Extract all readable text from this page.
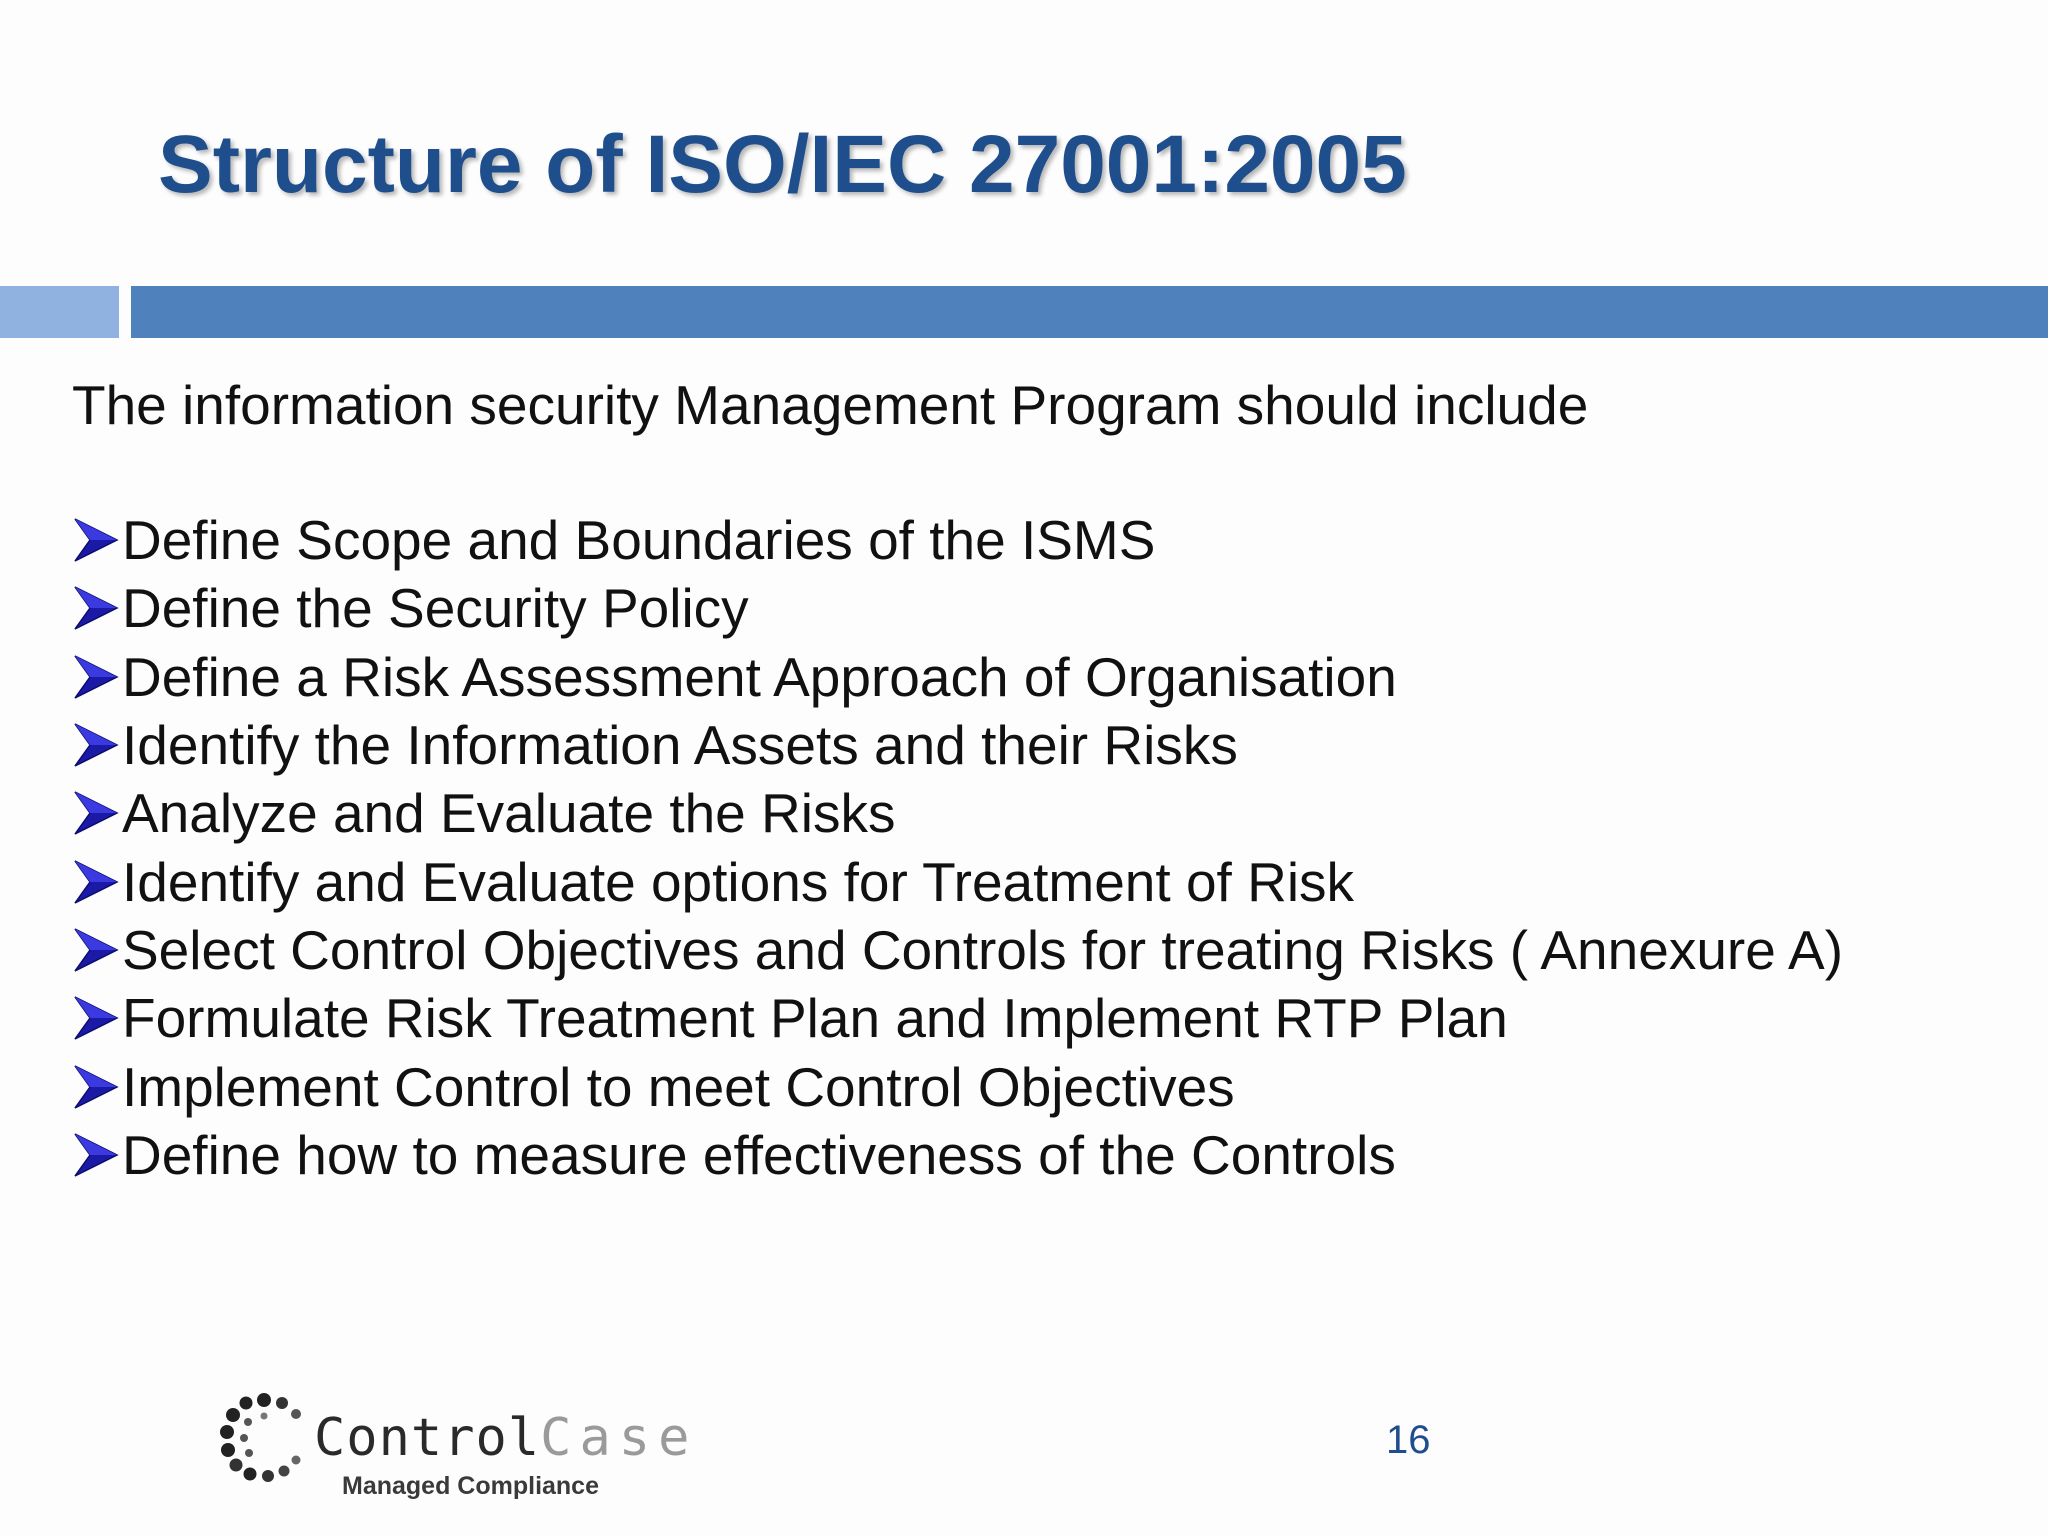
Structure of ISO/IEC 27001:2005

The information security Management Program should include

Define Scope and Boundaries of the ISMS
Define the Security Policy
Define a Risk Assessment Approach of Organisation
Identify the Information Assets and their Risks
Analyze and Evaluate the Risks
Identify and Evaluate options for Treatment of Risk
Select Control Objectives and Controls for treating Risks ( Annexure A)
Formulate Risk Treatment Plan and Implement RTP Plan
Implement Control to meet Control Objectives
Define how to measure effectiveness of the Controls
ControlCase
Managed Compliance
16
